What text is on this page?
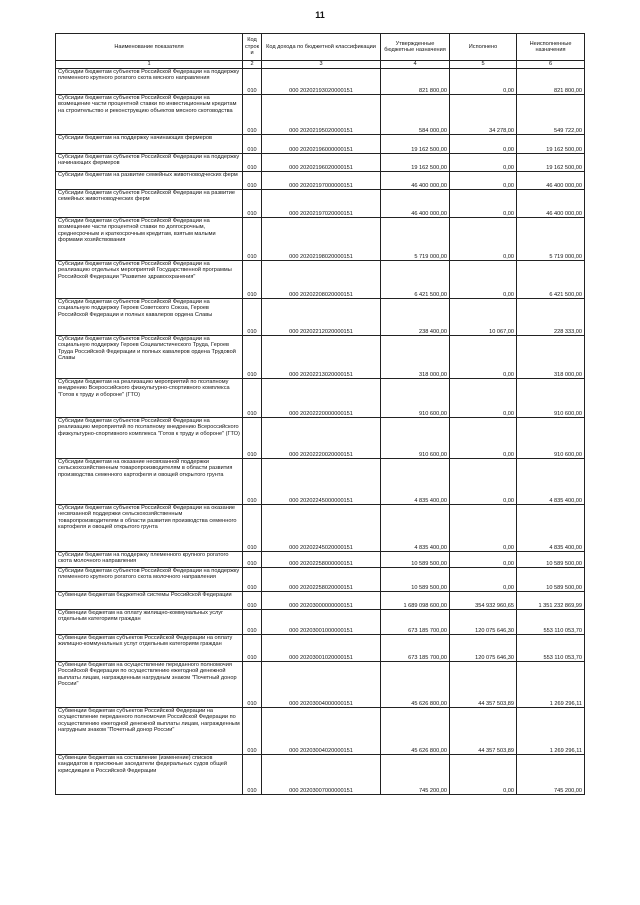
11
Наименование показателя	Код строк и	Код дохода по бюджетной классификации	Утвержденные бюджетные назначения	Исполнено	Неисполненные назначения
1	2	3	4	5	6
Субсидии бюджетам субъектов Российской Федерации на поддержку племенного крупного рогатого скота мясного направления	010	000 20202193020000151	821 800,00	0,00	821 800,00
Субсидии бюджетам субъектов Российской Федерации на возмещение части процентной ставки по инвестиционным кредитам на строительство и реконструкцию объектов мясного скотоводства	010	000 20202195020000151	584 000,00	34 278,00	549 722,00
Субсидии бюджетам на поддержку начинающих фермеров	010	000 20202196000000151	19 162 500,00	0,00	19 162 500,00
Субсидии бюджетам субъектов Российской Федерации на поддержку начинающих фермеров	010	000 20202196020000151	19 162 500,00	0,00	19 162 500,00
Субсидии бюджетам на развитие семейных животноводческих ферм	010	000 20202197000000151	46 400 000,00	0,00	46 400 000,00
Субсидии бюджетам субъектов Российской Федерации на развитие семейных животноводческих ферм	010	000 20202197020000151	46 400 000,00	0,00	46 400 000,00
Субсидии бюджетам субъектов Российской Федерации на возмещение части процентной ставки по долгосрочным, среднесрочным и краткосрочным кредитам, взятым малыми формами хозяйствования	010	000 20202198020000151	5 719 000,00	0,00	5 719 000,00
Субсидии бюджетам субъектов Российской Федерации на реализацию отдельных мероприятий Государственной программы Российской Федерации "Развитие здравоохранения"	010	000 20202208020000151	6 421 500,00	0,00	6 421 500,00
Субсидии бюджетам субъектов Российской Федерации на социальную поддержку Героев Советского Союза, Героев Российской Федерации и полных кавалеров ордена Славы	010	000 20202212020000151	238 400,00	10 067,00	228 333,00
Субсидии бюджетам субъектов Российской Федерации на социальную поддержку Героев Социалистического Труда, Героев Труда Российской Федерации и полных кавалеров ордена Трудовой Славы	010	000 20202213020000151	318 000,00	0,00	318 000,00
Субсидии бюджетам на реализацию мероприятий по поэтапному внедрению Всероссийского физкультурно-спортивного комплекса "Готов к труду и обороне" (ГТО)	010	000 20202220000000151	910 600,00	0,00	910 600,00
Субсидии бюджетам субъектов Российской Федерации на реализацию мероприятий по поэтапному внедрению Всероссийского физкультурно-спортивного комплекса "Готов к труду и обороне" (ГТО)	010	000 20202220020000151	910 600,00	0,00	910 600,00
Субсидии бюджетам на оказание несвязанной поддержки сельскохозяйственным товаропроизводителям в области развития производства семенного картофеля и овощей открытого грунта	010	000 20202245000000151	4 835 400,00	0,00	4 835 400,00
Субсидии бюджетам субъектов Российской Федерации на оказание несвязанной поддержки сельскохозяйственным товаропроизводителям в области развития производства семенного картофеля и овощей открытого грунта	010	000 20202245020000151	4 835 400,00	0,00	4 835 400,00
Субсидии бюджетам на поддержку племенного крупного рогатого скота молочного направления	010	000 20202258000000151	10 589 500,00	0,00	10 589 500,00
Субсидии бюджетам субъектов Российской Федерации на поддержку племенного крупного рогатого скота молочного направления	010	000 20202258020000151	10 589 500,00	0,00	10 589 500,00
Субвенции бюджетам бюджетной системы Российской Федерации	010	000 20203000000000151	1 689 098 600,00	354 932 960,65	1 351 232 869,99
Субвенции бюджетам на оплату жилищно-коммунальных услуг отдельным категориям граждан	010	000 20203001000000151	673 185 700,00	120 075 646,30	553 110 053,70
Субвенции бюджетам субъектов Российской Федерации на оплату жилищно-коммунальных услуг отдельным категориям граждан	010	000 20203001020000151	673 185 700,00	120 075 646,30	553 110 053,70
Субвенции бюджетам на осуществление переданного полномочия Российской Федерации по осуществлению ежегодной денежной выплаты лицам, награжденным нагрудным знаком "Почетный донор России"	010	000 20203004000000151	45 626 800,00	44 357 503,89	1 269 296,11
Субвенции бюджетам субъектов Российской Федерации на осуществление переданного полномочия Российской Федерации по осуществлению ежегодной денежной выплаты лицам, награжденным нагрудным знаком "Почетный донор России"	010	000 20203004020000151	45 626 800,00	44 357 503,89	1 269 296,11
Субвенции бюджетам на составление (изменение) списков кандидатов в присяжные заседатели федеральных судов общей юрисдикции в Российской Федерации	010	000 20203007000000151	745 200,00	0,00	745 200,00
